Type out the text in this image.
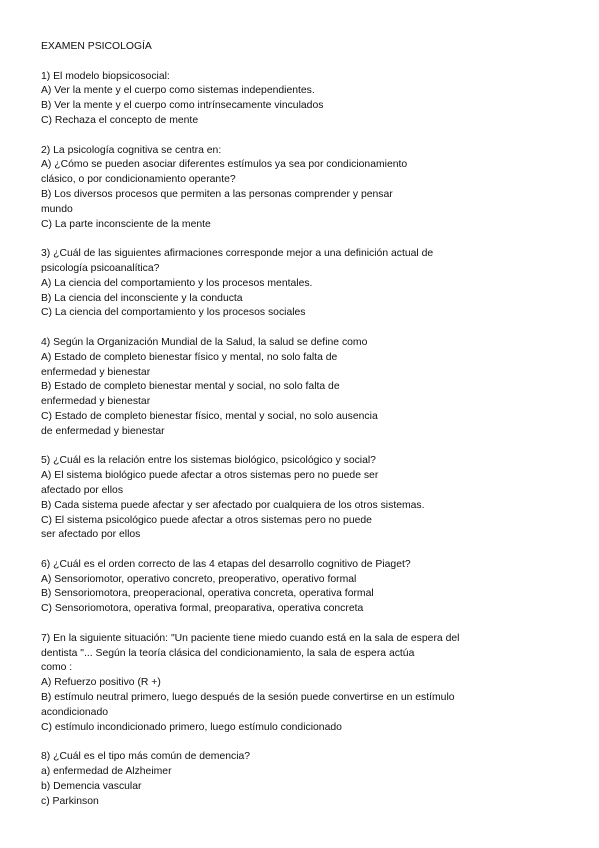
EXAMEN PSICOLOGÍA
1) El modelo biopsicosocial:
A) Ver la mente y el cuerpo como sistemas independientes.
B) Ver la mente y el cuerpo como intrínsecamente vinculados
C) Rechaza el concepto de mente
2) La psicología cognitiva se centra en:
A) ¿Cómo se pueden asociar diferentes estímulos ya sea por condicionamiento
clásico, o por condicionamiento operante?
B) Los diversos procesos que permiten a las personas comprender y pensar
mundo
C) La parte inconsciente de la mente
3) ¿Cuál de las siguientes afirmaciones corresponde mejor a una definición actual de
psicología psicoanalítica?
A) La ciencia del comportamiento y los procesos mentales.
B) La ciencia del inconsciente y la conducta
C) La ciencia del comportamiento y los procesos sociales
4) Según la Organización Mundial de la Salud, la salud se define como
A) Estado de completo bienestar físico y mental, no solo falta de
enfermedad y bienestar
B) Estado de completo bienestar mental y social, no solo falta de
enfermedad y bienestar
C) Estado de completo bienestar físico, mental y social, no solo ausencia
de enfermedad y bienestar
5) ¿Cuál es la relación entre los sistemas biológico, psicológico y social?
A) El sistema biológico puede afectar a otros sistemas pero no puede ser
afectado por ellos
B) Cada sistema puede afectar y ser afectado por cualquiera de los otros sistemas.
C) El sistema psicológico puede afectar a otros sistemas pero no puede
ser afectado por ellos
6) ¿Cuál es el orden correcto de las 4 etapas del desarrollo cognitivo de Piaget?
A) Sensoriomotor, operativo concreto, preoperativo, operativo formal
B) Sensoriomotora, preoperacional, operativa concreta, operativa formal
C) Sensoriomotora, operativa formal, preoparativa, operativa concreta
7) En la siguiente situación: "Un paciente tiene miedo cuando está en la sala de espera del
dentista "... Según la teoría clásica del condicionamiento, la sala de espera actúa
como :
A) Refuerzo positivo (R +)
B) estímulo neutral primero, luego después de la sesión puede convertirse en un estímulo
acondicionado
C) estímulo incondicionado primero, luego estímulo condicionado
8) ¿Cuál es el tipo más común de demencia?
a) enfermedad de Alzheimer
b) Demencia vascular
c) Parkinson
